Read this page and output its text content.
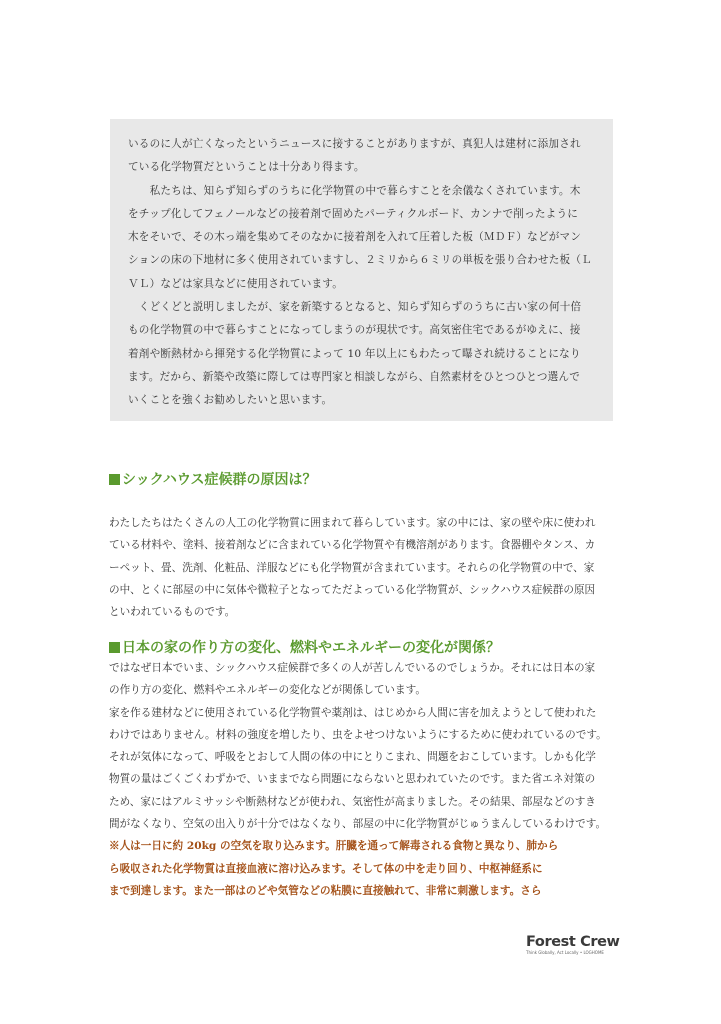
いるのに人が亡くなったというニュースに接することがありますが、真犯人は建材に添加され
ている化学物質だということは十分あり得ます。
　　私たちは、知らず知らずのうちに化学物質の中で暮らすことを余儀なくされています。木
をチップ化してフェノールなどの接着剤で固めたパーティクルボード、カンナで削ったように
木をそいで、その木っ端を集めてそのなかに接着剤を入れて圧着した板（ＭＤＦ）などがマン
ションの床の下地材に多く使用されていますし、２ミリから６ミリの単板を張り合わせた板（Ｌ
ＶＬ）などは家具などに使用されています。
　くどくどと説明しましたが、家を新築するとなると、知らず知らずのうちに古い家の何十倍
もの化学物質の中で暮らすことになってしまうのが現状です。高気密住宅であるがゆえに、接
着剤や断熱材から揮発する化学物質によって 10 年以上にもわたって曝され続けることになり
ます。だから、新築や改築に際しては専門家と相談しながら、自然素材をひとつひとつ選んで
いくことを強くお勧めしたいと思います。
シックハウス症候群の原因は？
わたしたちはたくさんの人工の化学物質に囲まれて暮らしています。家の中には、家の壁や床に使われ
ている材料や、塗料、接着剤などに含まれている化学物質や有機溶剤があります。食器棚やタンス、カ
ーペット、畳、洗剤、化粧品、洋服などにも化学物質が含まれています。それらの化学物質の中で、家
の中、とくに部屋の中に気体や微粒子となってただよっている化学物質が、シックハウス症候群の原因
といわれているものです。
日本の家の作り方の変化、燃料やエネルギーの変化が関係？
ではなぜ日本でいま、シックハウス症候群で多くの人が苦しんでいるのでしょうか。それには日本の家
の作り方の変化、燃料やエネルギーの変化などが関係しています。
家を作る建材などに使用されている化学物質や薬剤は、はじめから人間に害を加えようとして使われた
わけではありません。材料の強度を増したり、虫をよせつけないようにするために使われているのです。
それが気体になって、呼吸をとおして人間の体の中にとりこまれ、問題をおこしています。しかも化学
物質の量はごくごくわずかで、いままでなら問題にならないと思われていたのです。また省エネ対策の
ため、家にはアルミサッシや断熱材などが使われ、気密性が高まりました。その結果、部屋などのすき
間がなくなり、空気の出入りが十分ではなくなり、部屋の中に化学物質がじゅうまんしているわけです。
※人は一日に約 20kg の空気を取り込みます。肝臓を通って解毒される食物と異なり、肺から
ら吸収された化学物質は直接血液に溶け込みます。そして体の中を走り回り、中枢神経系に
まで到達します。また一部はのどや気管などの粘膜に直接触れて、非常に刺激します。さら
Forest Crew
Think Globally, Act Locally • LOGHOME
